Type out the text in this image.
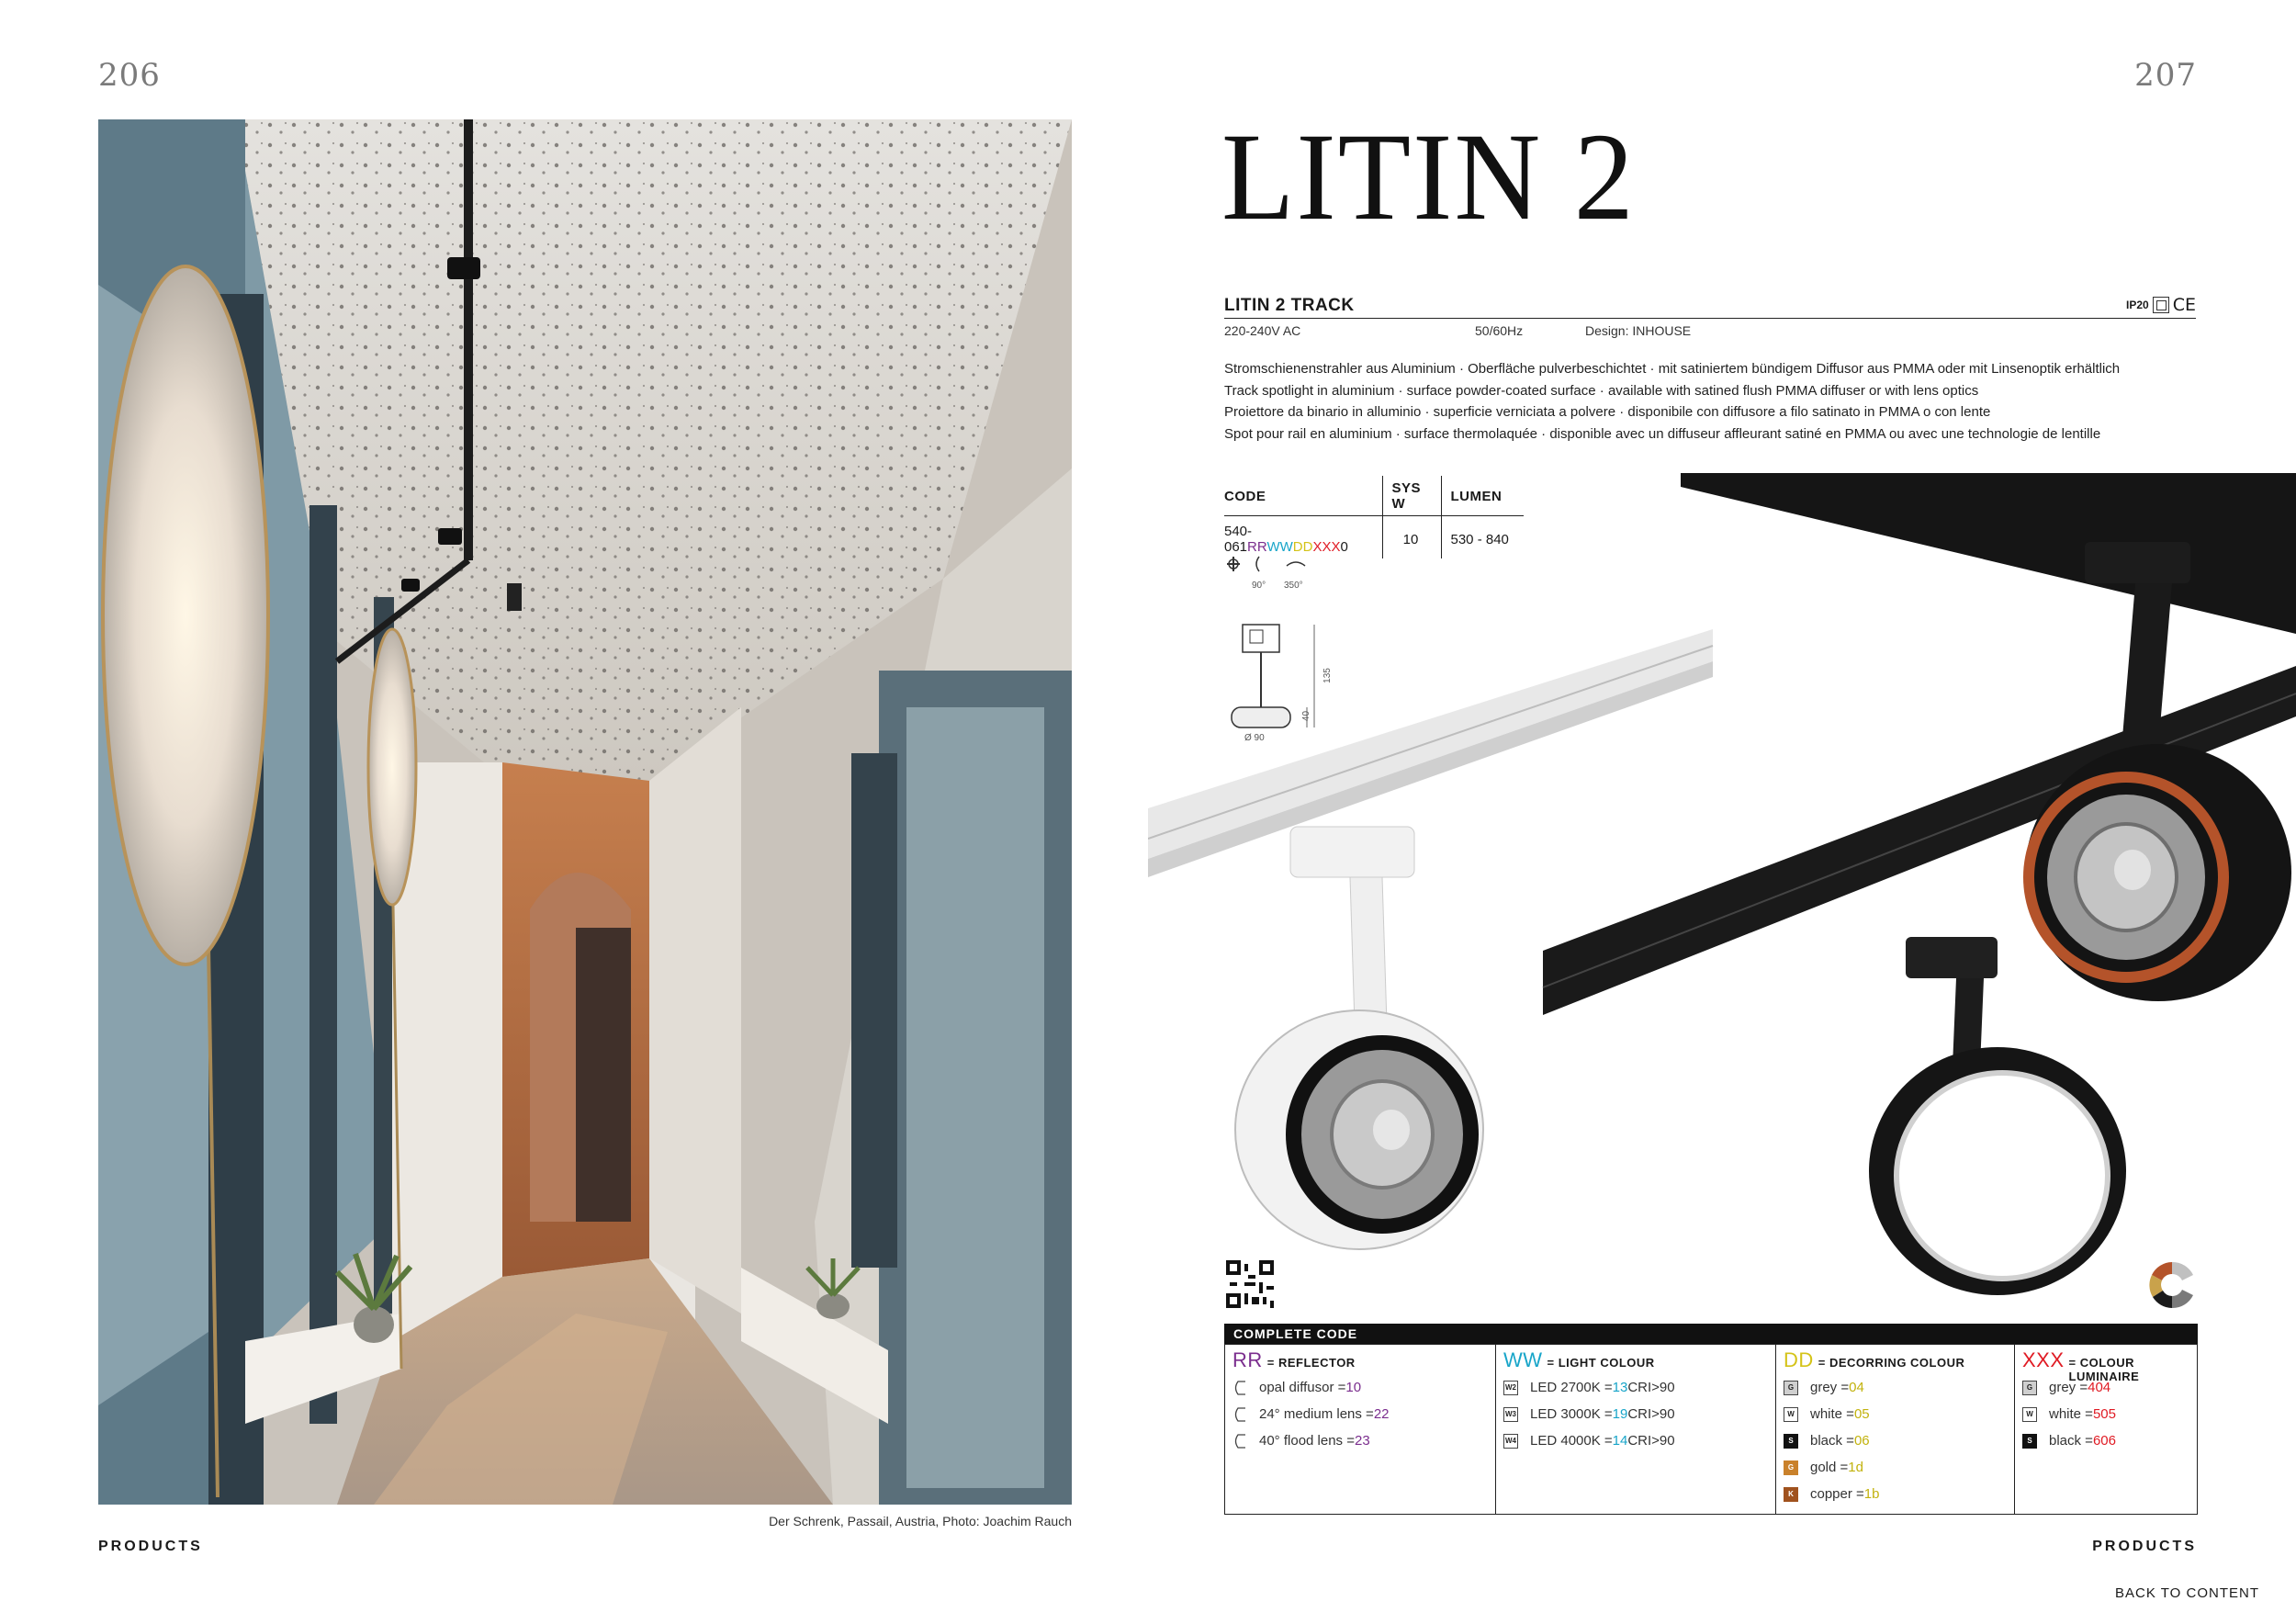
206	207
Der Schrenk, Passail, Austria, Photo: Joachim Rauch
PRODUCTS	PRODUCTS
BACK TO CONTENT
LITIN 2
LITIN 2 TRACK	IP20 CE
220-240V AC	50/60Hz	Design: INHOUSE
Stromschienenstrahler aus Aluminium · Oberfläche pulverbeschichtet · mit satiniertem bündigem Diffusor aus PMMA oder mit Linsenoptik erhältlich
Track spotlight in aluminium · surface powder-coated surface · available with satined flush PMMA diffuser or with lens optics
Proiettore da binario in alluminio · superficie verniciata a polvere · disponibile con diffusore a filo satinato in PMMA o con lente
Spot pour rail en aluminium · surface thermolaquée · disponible avec un diffuseur affleurant satiné en PMMA ou avec une technologie de lentille
CODE	SYS W	LUMEN
540-061RRWWDDXXX0	10	530 - 840
90° 350°
135
40
Ø 90
COMPLETE CODE
RR = REFLECTOR
opal diffusor = 10
24° medium lens = 22
40° flood lens = 23
WW = LIGHT COLOUR
W2 LED 2700K = 13 CRI>90
W3 LED 3000K = 19 CRI>90
W4 LED 4000K = 14 CRI>90
DD = DECORRING COLOUR
G	grey = 04
W white = 05
S	black = 06
G	gold = 1d
K	copper = 1b
XXX = COLOUR LUMINAIRE
G	grey = 404
W white = 505
S	black = 606
